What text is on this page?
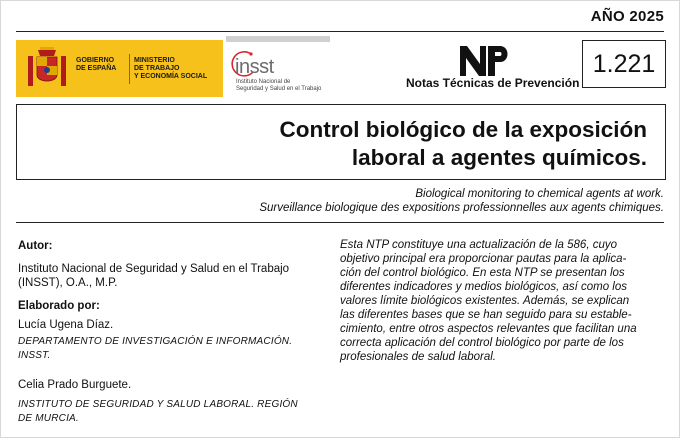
AÑO 2025
GOBIERNO
DE ESPAÑA
MINISTERIO
DE TRABAJO
Y ECONOMÍA SOCIAL insst
Instituto Nacional de
Seguridad y Salud en el Trabajo	Notas Técnicas de Prevención
1.221
Control biológico de la exposición
laboral a agentes químicos.
Biological monitoring to chemical agents at work.
Surveillance biologique des expositions professionnelles aux agents chimiques.
Autor:
Instituto Nacional de Seguridad y Salud en el Trabajo
(INSST), O.A., M.P.
Elaborado por:
Lucía Ugena Díaz.
DEPARTAMENTO DE INVESTIGACIÓN E INFORMACIÓN.
INSST.
Celia Prado Burguete.
INSTITUTO DE SEGURIDAD Y SALUD LABORAL. REGIÓN
DE MURCIA.
Esta NTP constituye una actualización de la 586, cuyo
objetivo principal era proporcionar pautas para la aplica-
ción del control biológico. En esta NTP se presentan los
diferentes indicadores y medios biológicos, así como los
valores límite biológicos existentes. Además, se explican
las diferentes bases que se han seguido para su estable-
cimiento, entre otros aspectos relevantes que facilitan una
correcta aplicación del control biológico por parte de los
profesionales de salud laboral.
